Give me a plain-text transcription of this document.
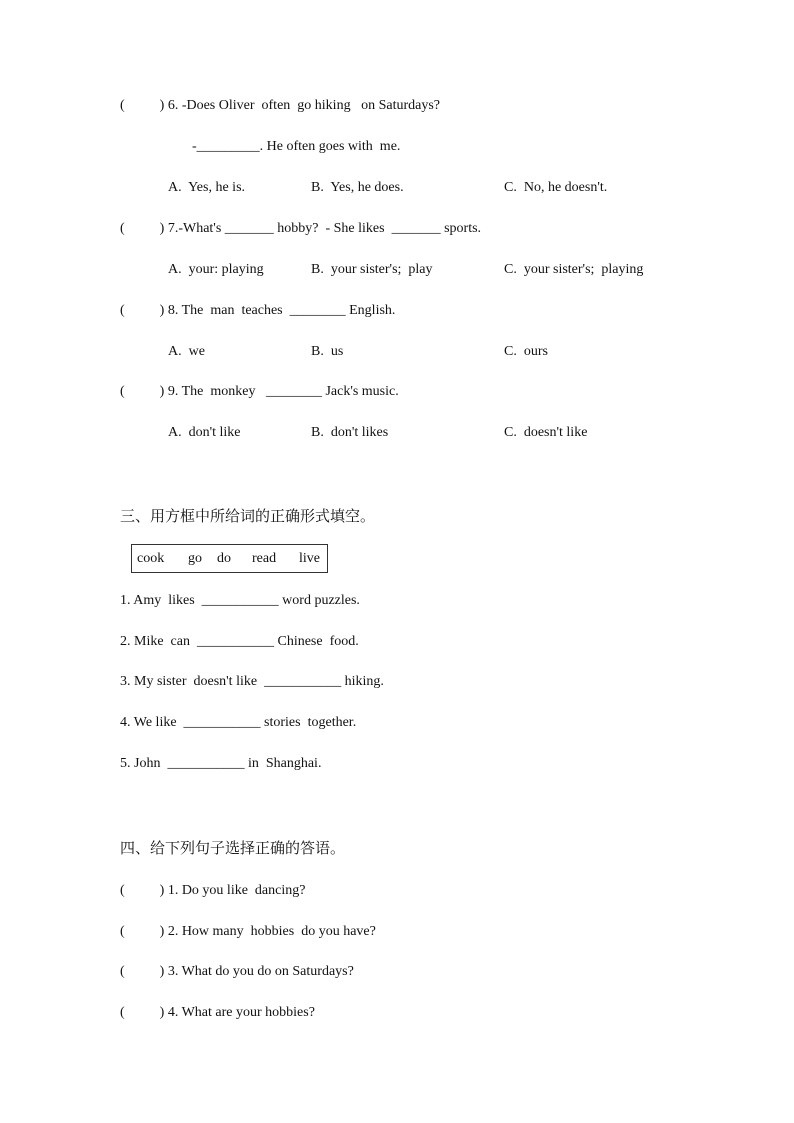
(          ) 6. -Does Oliver  often  go hiking   on Saturdays?
-_________. He often goes with  me.
A.  Yes, he is.	B.  Yes, he does.	C.  No, he doesn't.
(          ) 7.-What's _______ hobby?  - She likes  _______ sports.
A.  your: playing	B.  your sister's;  play	C.  your sister's;  playing
(          ) 8. The  man  teaches  ________ English.
A.  we	B.  us	C.  ours
(          ) 9. The  monkey   ________ Jack's music.
A.  don't like	B.  don't likes	C.  doesn't like
三、用方框中所给词的正确形式填空。
cook go do read live
1. Amy  likes  ___________ word puzzles.
2. Mike  can  ___________ Chinese  food.
3. My sister  doesn't like  ___________ hiking.
4. We like  ___________ stories  together.
5. John  ___________ in  Shanghai.
四、给下列句子选择正确的答语。
(          ) 1. Do you like  dancing?
(          ) 2. How many  hobbies  do you have?
(          ) 3. What do you do on Saturdays?
(          ) 4. What are your hobbies?
